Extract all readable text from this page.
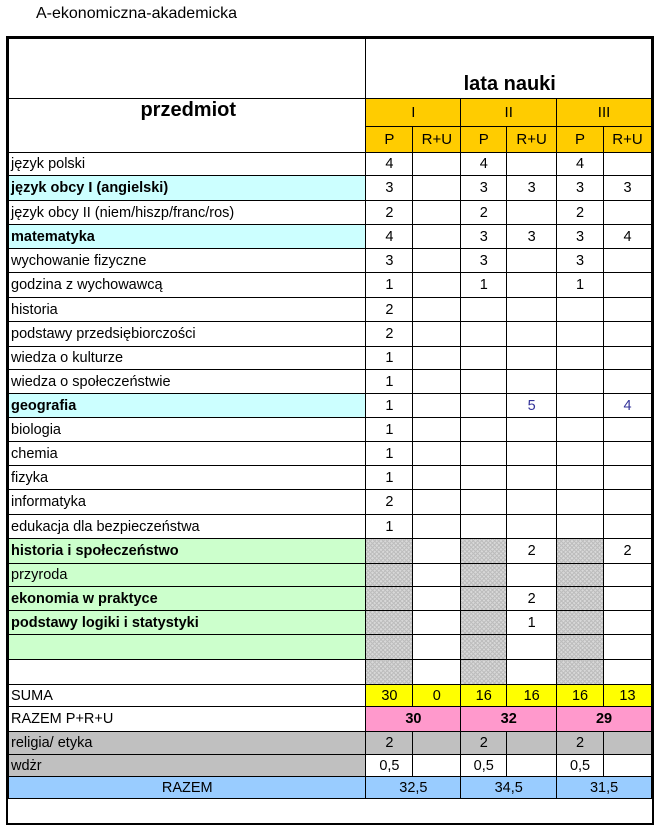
A-ekonomiczna-akademicka
	lata nauki					
przedmiot	I		II		III	
	P	R+U	P	R+U	P	R+U
język polski	4		4		4	
język obcy I (angielski)	3		3	3	3	3
język obcy II (niem/hiszp/franc/ros)	2		2		2	
matematyka	4		3	3	3	4
wychowanie fizyczne	3		3		3	
godzina z wychowawcą	1		1		1	
historia	2					
podstawy przedsiębiorczości	2					
wiedza o kulturze	1					
wiedza o społeczeństwie	1					
geografia	1			5		4
biologia	1					
chemia	1					
fizyka	1					
informatyka	2					
edukacja dla bezpieczeństwa	1					
historia i społeczeństwo				2		2
przyroda						
ekonomia w praktyce				2		
podstawy logiki i statystyki				1		

SUMA	30	0	16	16	16	13
RAZEM P+R+U	30		32		29	
religia/ etyka	2		2		2	
wdżr	0,5		0,5		0,5	
RAZEM	32,5		34,5		31,5	
